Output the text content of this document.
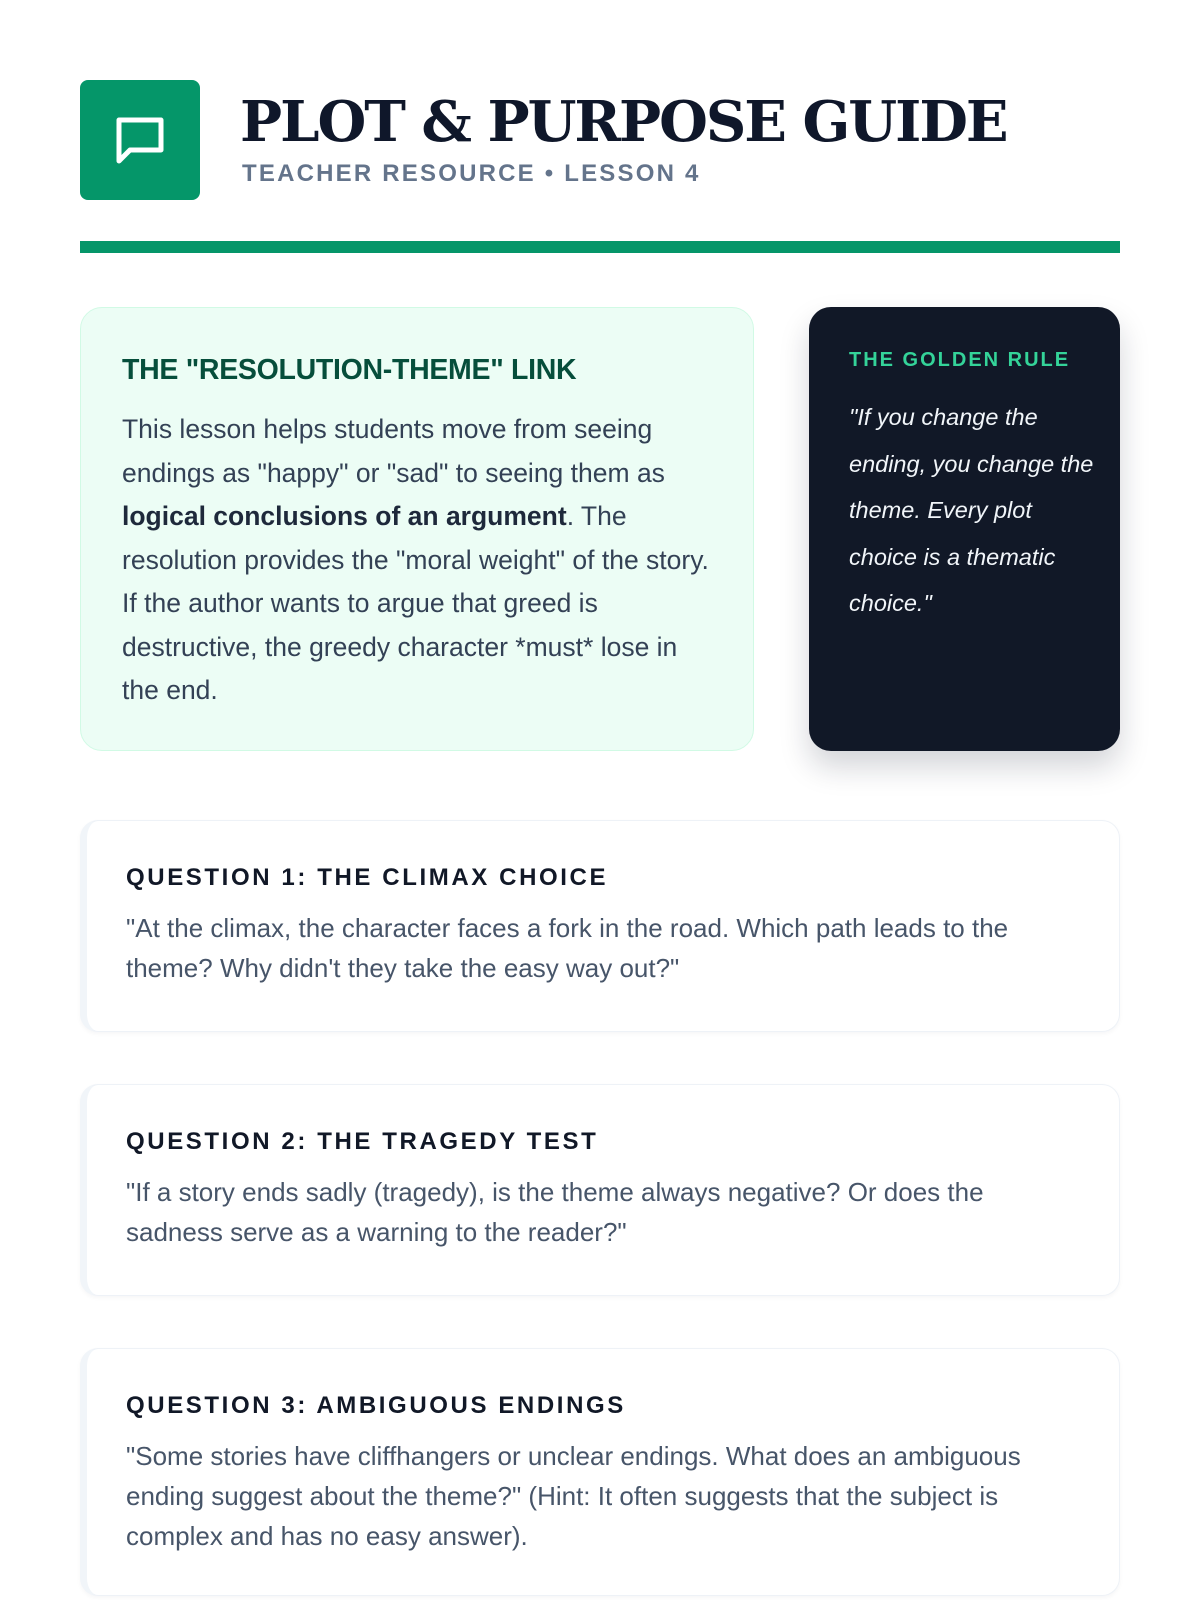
PLOT & PURPOSE GUIDE
TEACHER RESOURCE • LESSON 4
THE "RESOLUTION-THEME" LINK

This lesson helps students move from seeing endings as "happy" or "sad" to seeing them as logical conclusions of an argument. The resolution provides the "moral weight" of the story. If the author wants to argue that greed is destructive, the greedy character *must* lose in the end.

THE GOLDEN RULE

"If you change the ending, you change the theme. Every plot choice is a thematic choice."

QUESTION 1: THE CLIMAX CHOICE

"At the climax, the character faces a fork in the road. Which path leads to the theme? Why didn't they take the easy way out?"

QUESTION 2: THE TRAGEDY TEST

"If a story ends sadly (tragedy), is the theme always negative? Or does the sadness serve as a warning to the reader?"

QUESTION 3: AMBIGUOUS ENDINGS

"Some stories have cliffhangers or unclear endings. What does an ambiguous ending suggest about the theme?" (Hint: It often suggests that the subject is complex and has no easy answer).
